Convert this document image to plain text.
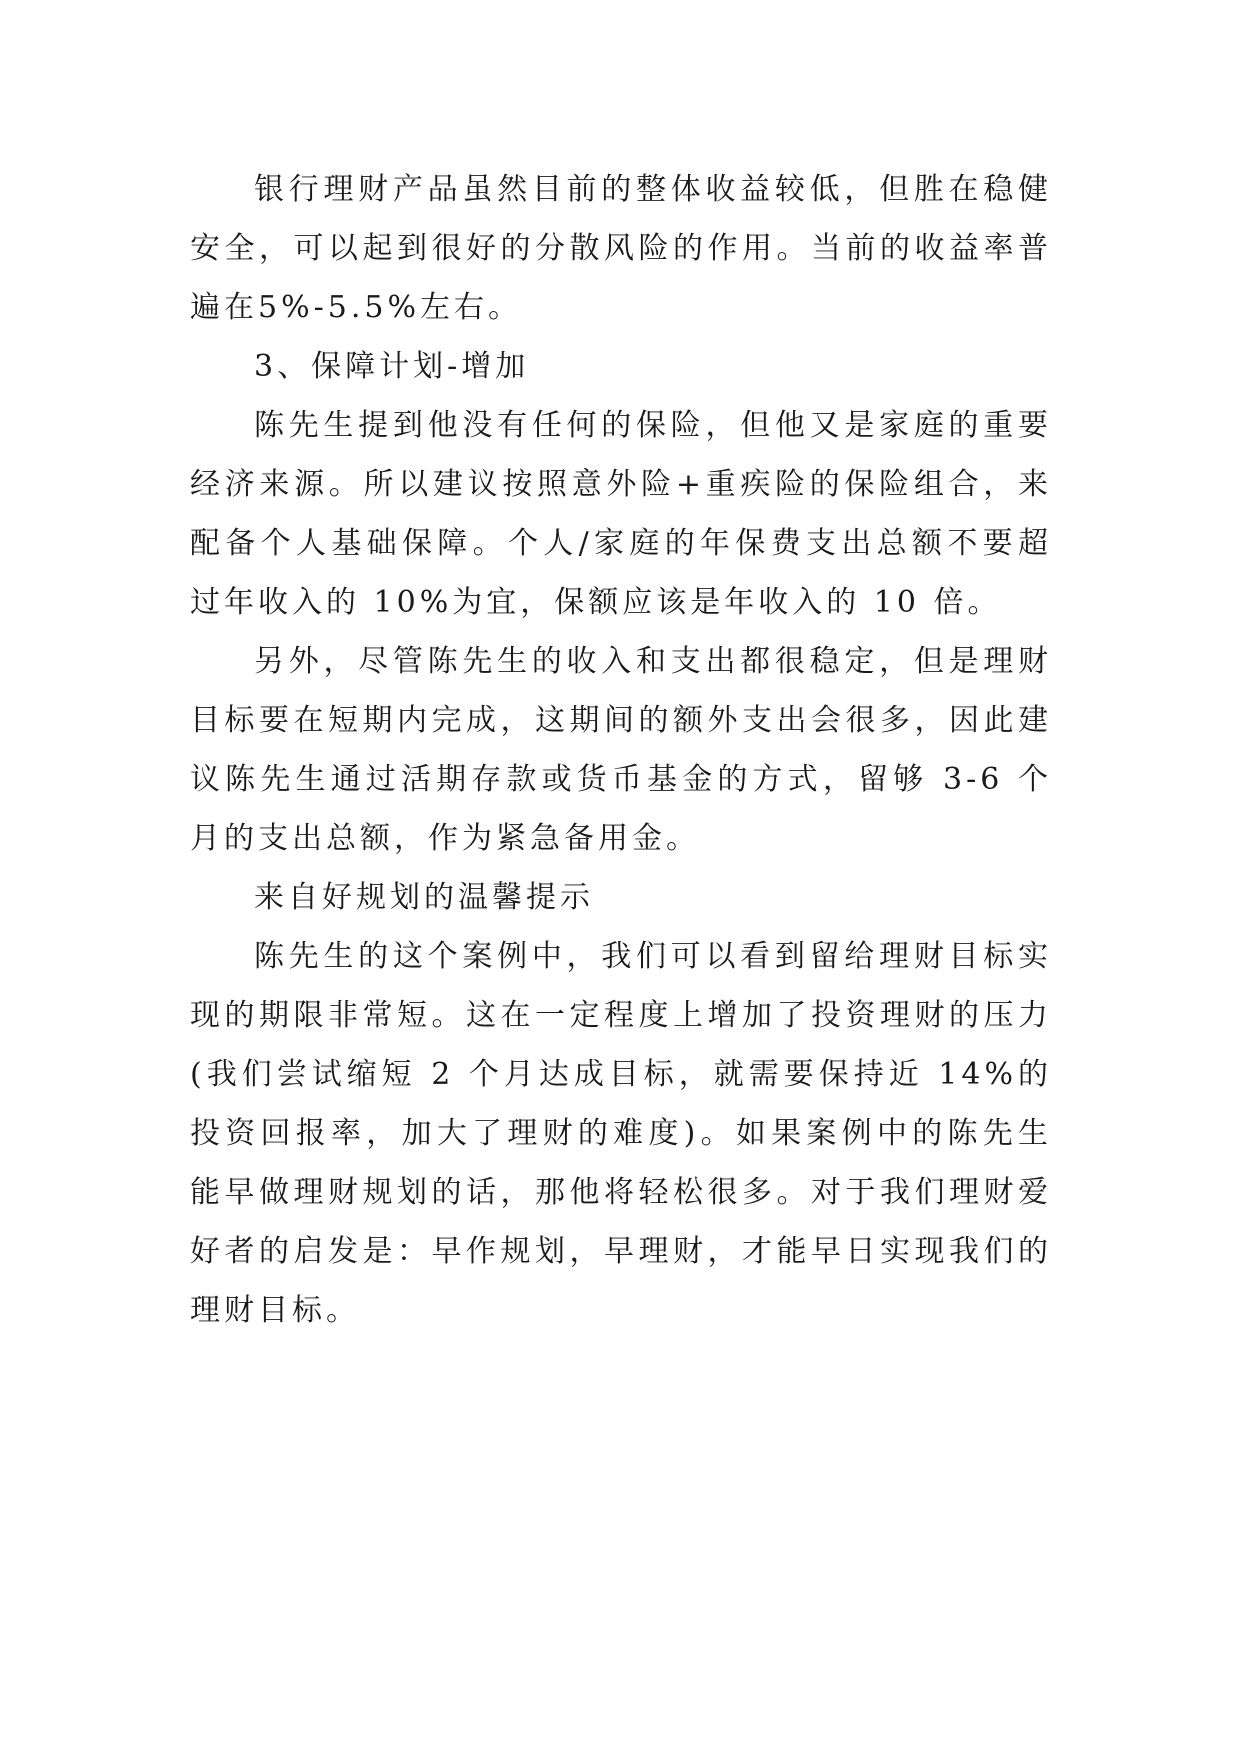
银行理财产品虽然目前的整体收益较低，但胜在稳健安全，可以起到很好的分散风险的作用。当前的收益率普遍在5%-5.5%左右。

3、保障计划-增加

陈先生提到他没有任何的保险，但他又是家庭的重要经济来源。所以建议按照意外险+重疾险的保险组合，来配备个人基础保障。个人/家庭的年保费支出总额不要超过年收入的 10%为宜，保额应该是年收入的 10 倍。

另外，尽管陈先生的收入和支出都很稳定，但是理财目标要在短期内完成，这期间的额外支出会很多，因此建议陈先生通过活期存款或货币基金的方式，留够 3-6 个月的支出总额，作为紧急备用金。

来自好规划的温馨提示

陈先生的这个案例中，我们可以看到留给理财目标实现的期限非常短。这在一定程度上增加了投资理财的压力(我们尝试缩短 2 个月达成目标，就需要保持近 14%的投资回报率，加大了理财的难度)。如果案例中的陈先生能早做理财规划的话，那他将轻松很多。对于我们理财爱好者的启发是：早作规划，早理财，才能早日实现我们的理财目标。
